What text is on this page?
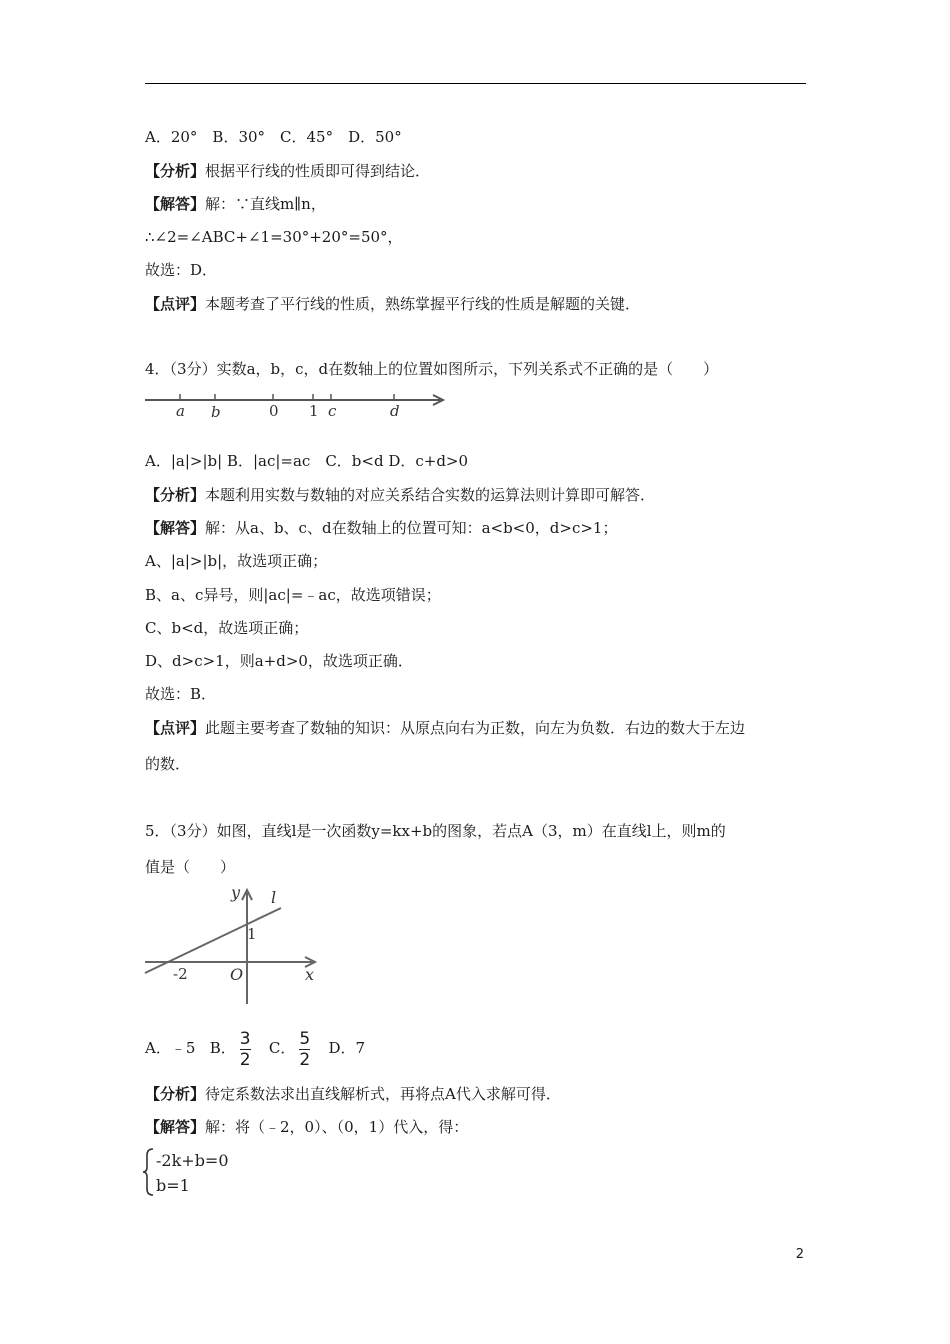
A．20°　B．30°　C．45°　D．50°
【分析】根据平行线的性质即可得到结论．
【解答】解：∵直线m∥n，
∴∠2=∠ABC+∠1=30°+20°=50°，
故选：D．
【点评】本题考查了平行线的性质，熟练掌握平行线的性质是解题的关键．
4．（3分）实数a，b，c，d在数轴上的位置如图所示，下列关系式不正确的是（　　）
a b	0 1 c	d
A．|a|>|b| B．|ac|=ac　C．b<d D．c+d>0
【分析】本题利用实数与数轴的对应关系结合实数的运算法则计算即可解答．
【解答】解：从a、b、c、d在数轴上的位置可知：a<b<0，d>c>1；
A、|a|>|b|，故选项正确；
B、a、c异号，则|ac|=﹣ac，故选项错误；
C、b<d，故选项正确；
D、d>c>1，则a+d>0，故选项正确．
故选：B．
【点评】此题主要考查了数轴的知识：从原点向右为正数，向左为负数．右边的数大于左边
的数．
5．（3分）如图，直线l是一次函数y=kx+b的图象，若点A（3，m）在直线l上，则m的
值是（　　）
y l
1
-2	O	x
A．﹣5 B． $\frac{3}{2}$ C． $\frac{5}{2}$ D．7
【分析】待定系数法求出直线解析式，再将点A代入求解可得．
【解答】解：将（﹣2，0）、（0，1）代入，得：
-2k+b=0
b=1
2
